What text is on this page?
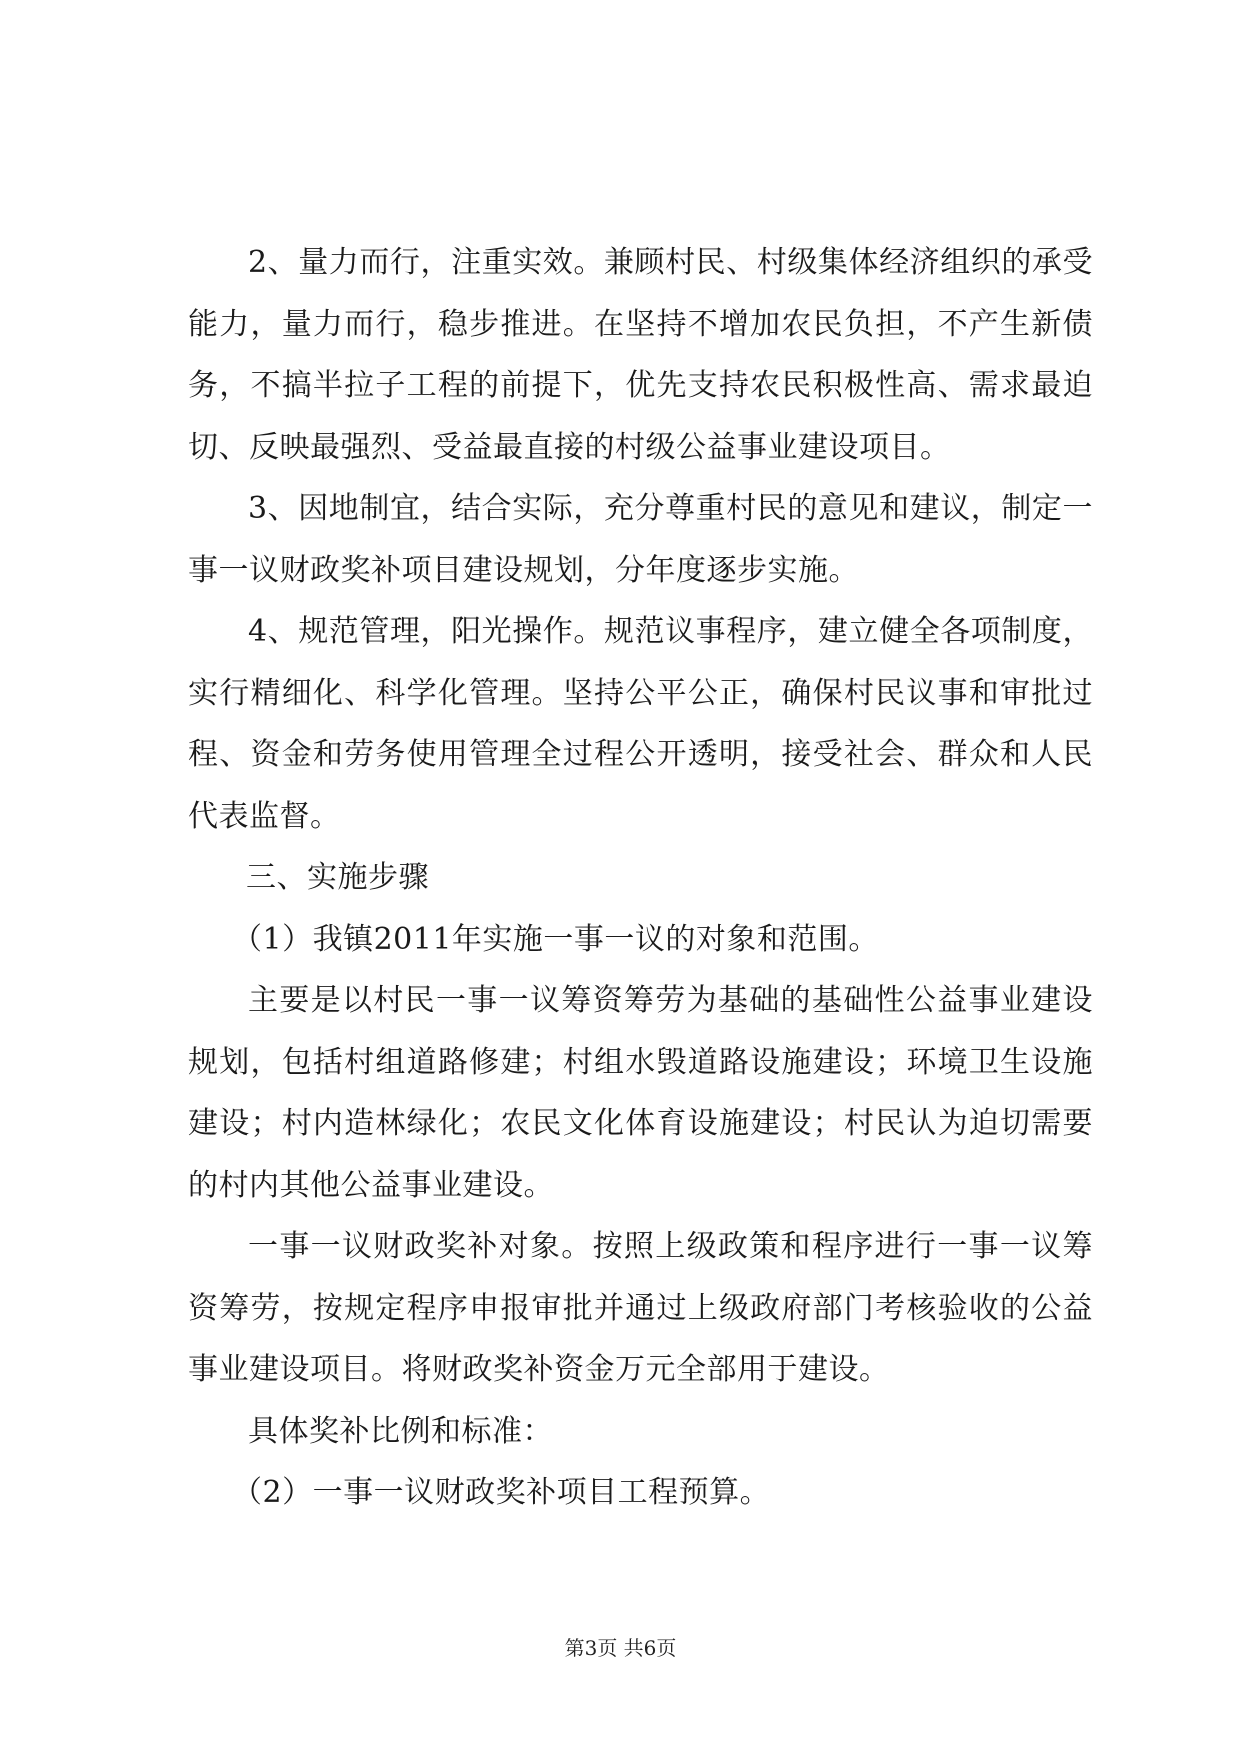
2、量力而行，注重实效。兼顾村民、村级集体经济组织的承受能力，量力而行，稳步推进。在坚持不增加农民负担，不产生新债务，不搞半拉子工程的前提下，优先支持农民积极性高、需求最迫切、反映最强烈、受益最直接的村级公益事业建设项目。

3、因地制宜，结合实际，充分尊重村民的意见和建议，制定一事一议财政奖补项目建设规划，分年度逐步实施。

4、规范管理，阳光操作。规范议事程序，建立健全各项制度，实行精细化、科学化管理。坚持公平公正，确保村民议事和审批过程、资金和劳务使用管理全过程公开透明，接受社会、群众和人民代表监督。

三、实施步骤

（1）我镇2011年实施一事一议的对象和范围。

主要是以村民一事一议筹资筹劳为基础的基础性公益事业建设规划，包括村组道路修建；村组水毁道路设施建设；环境卫生设施建设；村内造林绿化；农民文化体育设施建设；村民认为迫切需要的村内其他公益事业建设。

一事一议财政奖补对象。按照上级政策和程序进行一事一议筹资筹劳，按规定程序申报审批并通过上级政府部门考核验收的公益事业建设项目。将财政奖补资金万元全部用于建设。

具体奖补比例和标准：

（2）一事一议财政奖补项目工程预算。

第3页 共6页
